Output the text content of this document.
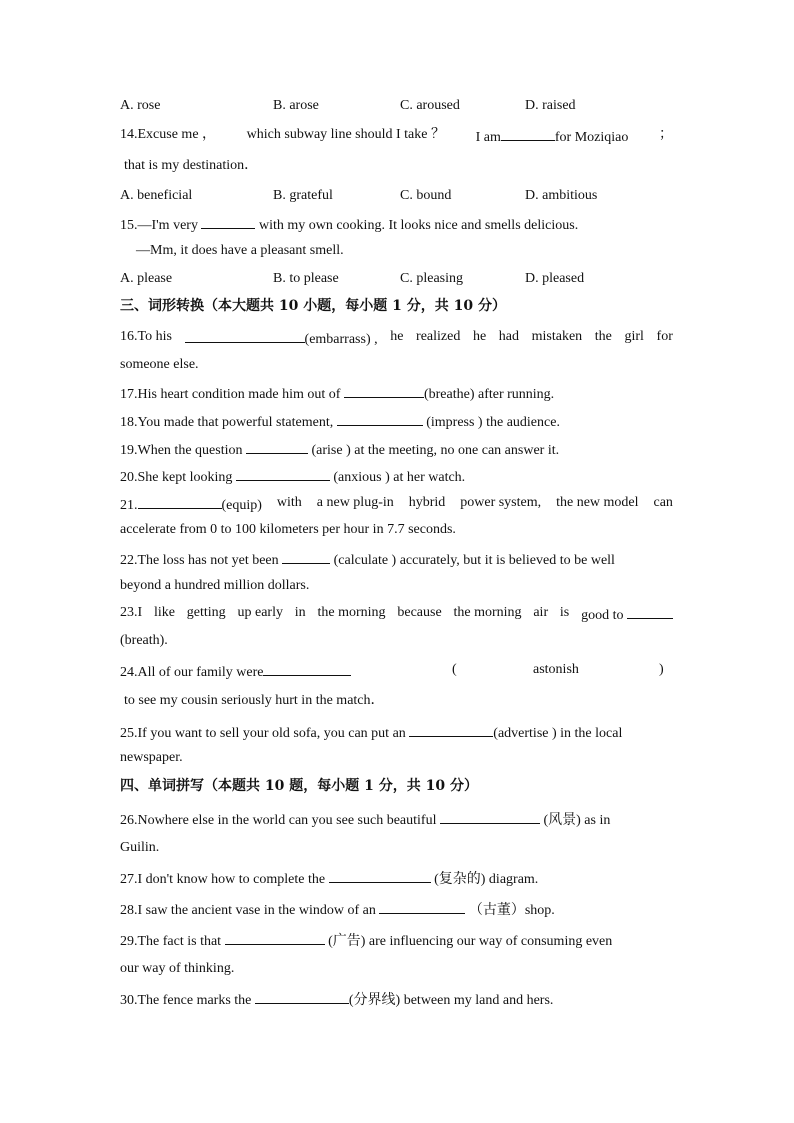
A. rose	B. arose	C. aroused	D. raised
14.Excuse me ， which subway line should I take ？ I am	for Moziqiao ；
that is my destination．
A. beneficial	B. grateful	C. bound	D. ambitious
15.—I'm very	with my own cooking. It looks nice and smells delicious.
—Mm, it does have a pleasant smell.
A. please	B. to please	C. pleasing	D. pleased
三、词形转换（本大题共 10 小题，每小题 1 分，共 10 分）
16.To his	(embarrass) , he realized he had mistaken the girl for
someone else.
17.His heart condition made him out of	(breathe) after running.
18.You made that powerful statement,	(impress ) the audience.
19.When the question	(arise ) at the meeting, no one can answer it.
20.She kept looking	(anxious ) at her watch.
21.	(equip) with a new plug-in hybrid power system, the new model can
accelerate from 0 to 100 kilometers per hour in 7.7 seconds.
22.The loss has not yet been	(calculate ) accurately, but it is believed to be well
beyond a hundred million dollars.
23.I like getting up early in the morning because the morning air is good to
(breath).
24.All of our family were	(	astonish	)
to see my cousin seriously hurt in the match．
25.If you want to sell your old sofa, you can put an	(advertise ) in the local
newspaper.
四、单词拼写（本题共 10 题，每小题 1 分，共 10 分）
26.Nowhere else in the world can you see such beautiful	(风景) as in
Guilin.
27.I don't know how to complete the	(复杂的) diagram.
28.I saw the ancient vase in the window of an	（古董）shop.
29.The fact is that	(广告) are influencing our way of consuming even
our way of thinking.
30.The fence marks the	(分界线) between my land and hers.
